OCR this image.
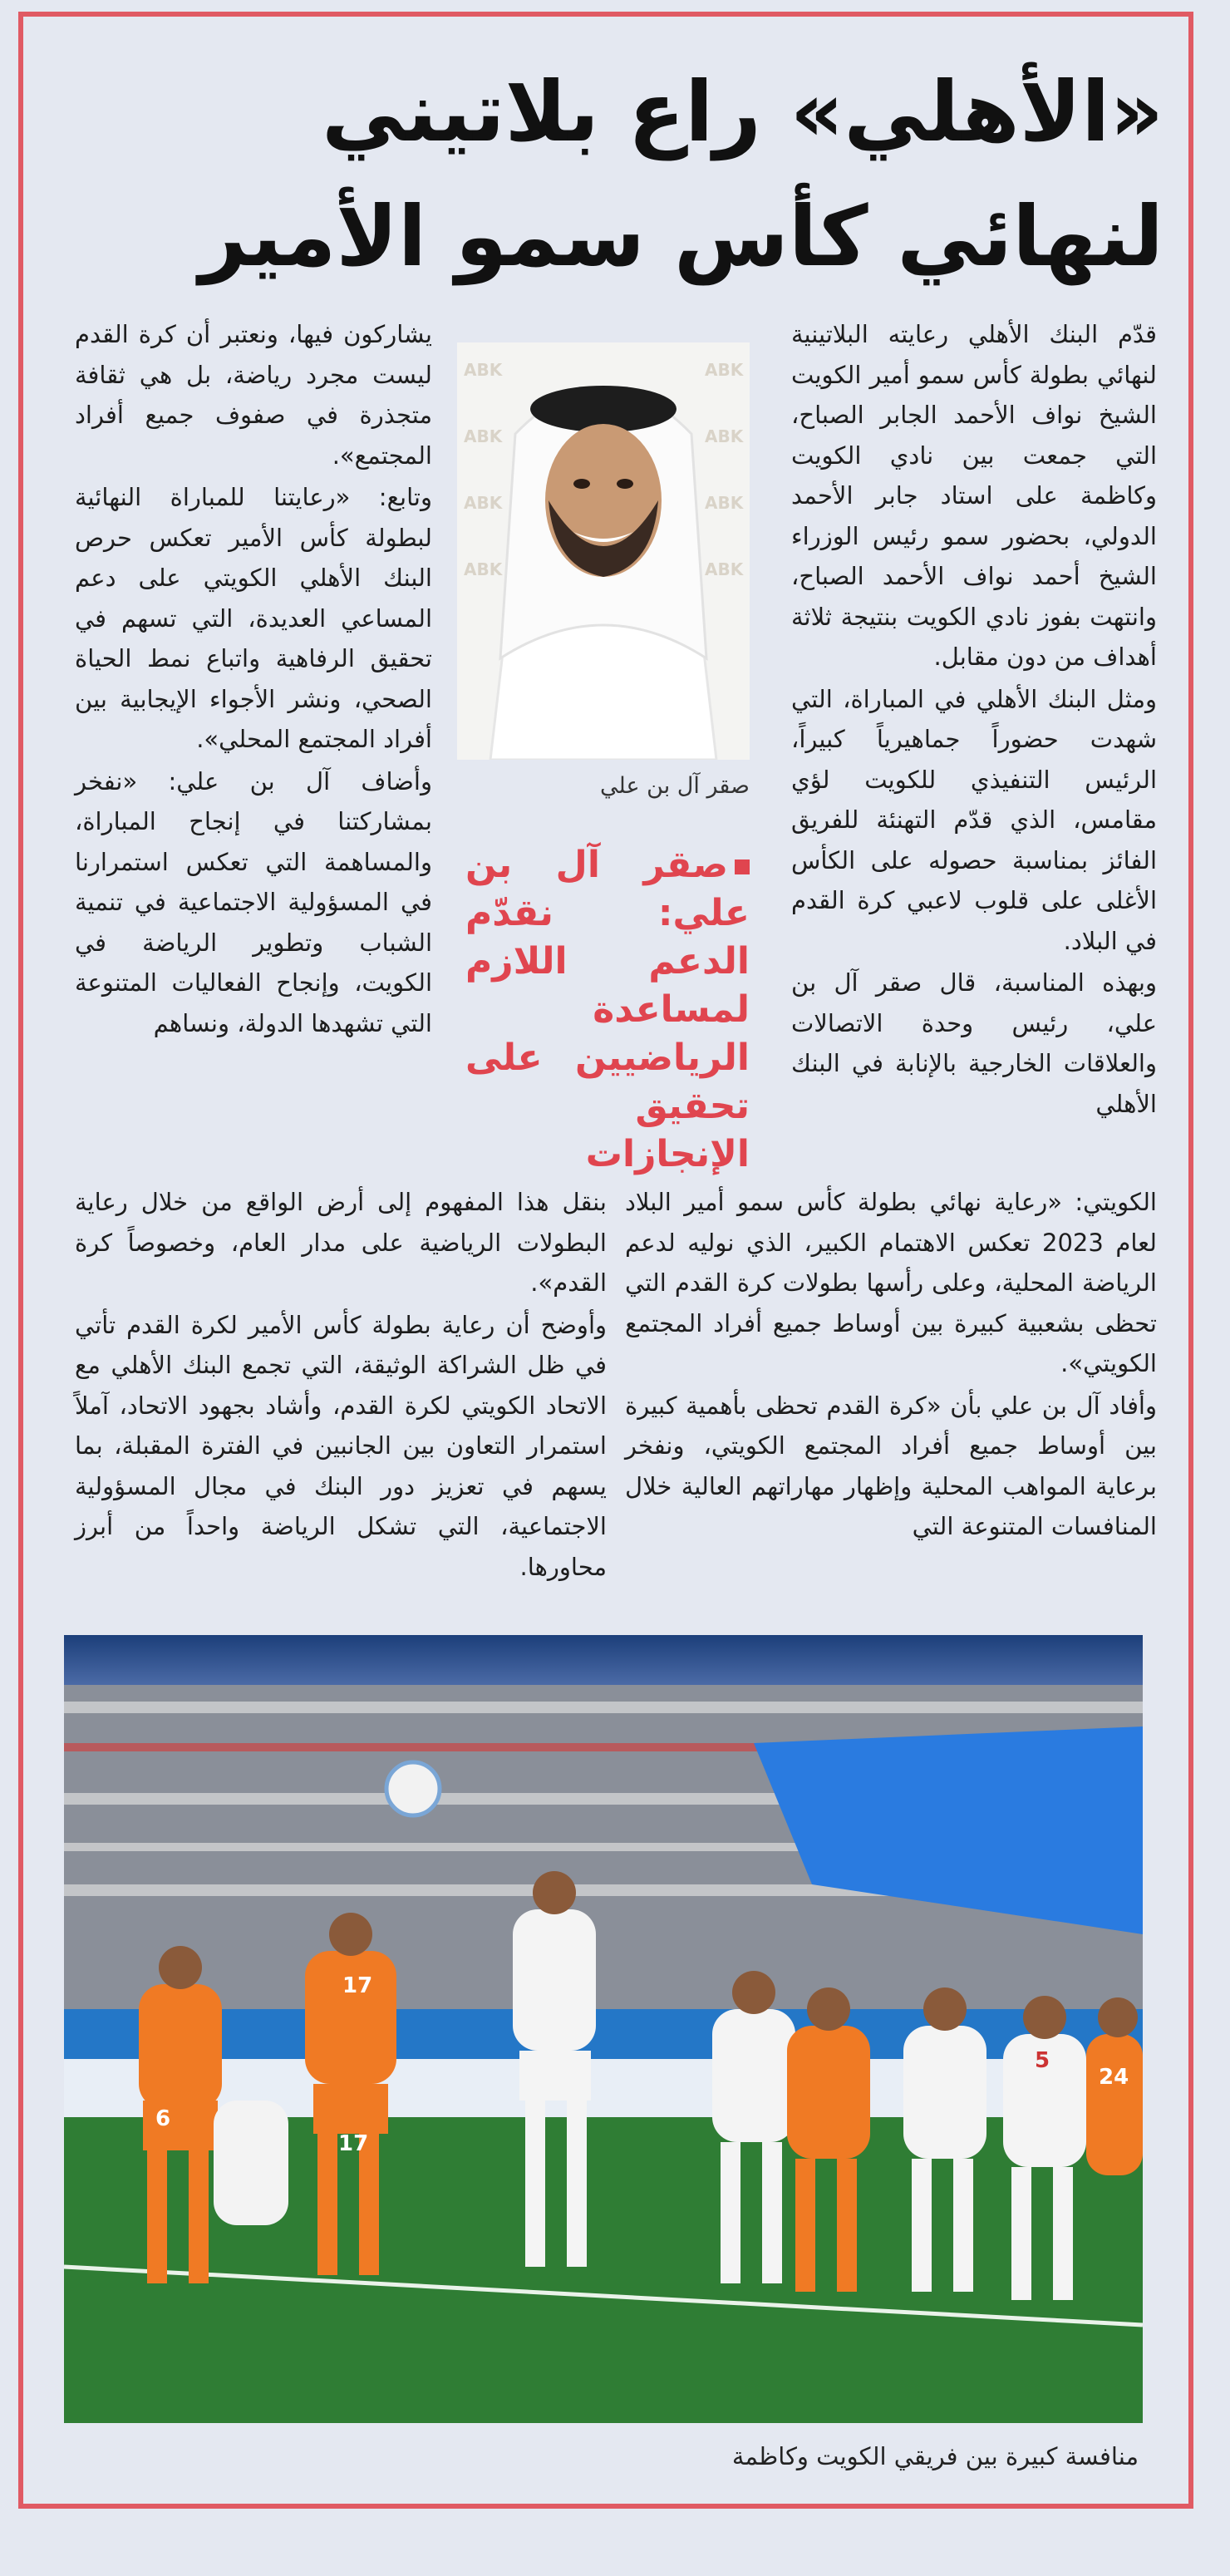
«الأهلي» راع بلاتيني لنهائي كأس سمو الأمير

قدّم البنك الأهلي رعايته البلاتينية لنهائي بطولة كأس سمو أمير الكويت الشيخ نواف الأحمد الجابر الصباح، التي جمعت بين نادي الكويت وكاظمة على استاد جابر الأحمد الدولي، بحضور سمو رئيس الوزراء الشيخ أحمد نواف الأحمد الصباح، وانتهت بفوز نادي الكويت بنتيجة ثلاثة أهداف من دون مقابل.

ومثل البنك الأهلي في المباراة، التي شهدت حضوراً جماهيرياً كبيراً، الرئيس التنفيذي للكويت لؤي مقامس، الذي قدّم التهنئة للفريق الفائز بمناسبة حصوله على الكأس الأغلى على قلوب لاعبي كرة القدم في البلاد.

وبهذه المناسبة، قال صقر آل بن علي، رئيس وحدة الاتصالات والعلاقات الخارجية بالإنابة في البنك الأهلي

ABK
ABK
ABK
ABK
ABK
ABK
ABK
ABK
صقر آل بن علي
صقر آل بن علي: نقدّم الدعم اللازم لمساعدة الرياضيين على تحقيق الإنجازات

يشاركون فيها، ونعتبر أن كرة القدم ليست مجرد رياضة، بل هي ثقافة متجذرة في صفوف جميع أفراد المجتمع».

وتابع: «رعايتنا للمباراة النهائية لبطولة كأس الأمير تعكس حرص البنك الأهلي الكويتي على دعم المساعي العديدة، التي تسهم في تحقيق الرفاهية واتباع نمط الحياة الصحي، ونشر الأجواء الإيجابية بين أفراد المجتمع المحلي».

وأضاف آل بن علي: «نفخر بمشاركتنا في إنجاح المباراة، والمساهمة التي تعكس استمرارنا في المسؤولية الاجتماعية في تنمية الشباب وتطوير الرياضة في الكويت، وإنجاح الفعاليات المتنوعة التي تشهدها الدولة، ونساهم

الكويتي: «رعاية نهائي بطولة كأس سمو أمير البلاد لعام 2023 تعكس الاهتمام الكبير، الذي نوليه لدعم الرياضة المحلية، وعلى رأسها بطولات كرة القدم التي تحظى بشعبية كبيرة بين أوساط جميع أفراد المجتمع الكويتي».

وأفاد آل بن علي بأن «كرة القدم تحظى بأهمية كبيرة بين أوساط جميع أفراد المجتمع الكويتي، ونفخر برعاية المواهب المحلية وإظهار مهاراتهم العالية خلال المنافسات المتنوعة التي

بنقل هذا المفهوم إلى أرض الواقع من خلال رعاية البطولات الرياضية على مدار العام، وخصوصاً كرة القدم».

وأوضح أن رعاية بطولة كأس الأمير لكرة القدم تأتي في ظل الشراكة الوثيقة، التي تجمع البنك الأهلي مع الاتحاد الكويتي لكرة القدم، وأشاد بجهود الاتحاد، آملاً استمرار التعاون بين الجانبين في الفترة المقبلة، بما يسهم في تعزيز دور البنك في مجال المسؤولية الاجتماعية، التي تشكل الرياضة واحداً من أبرز محاورها.

17
17
6
5
24
منافسة كبيرة بين فريقي الكويت وكاظمة
